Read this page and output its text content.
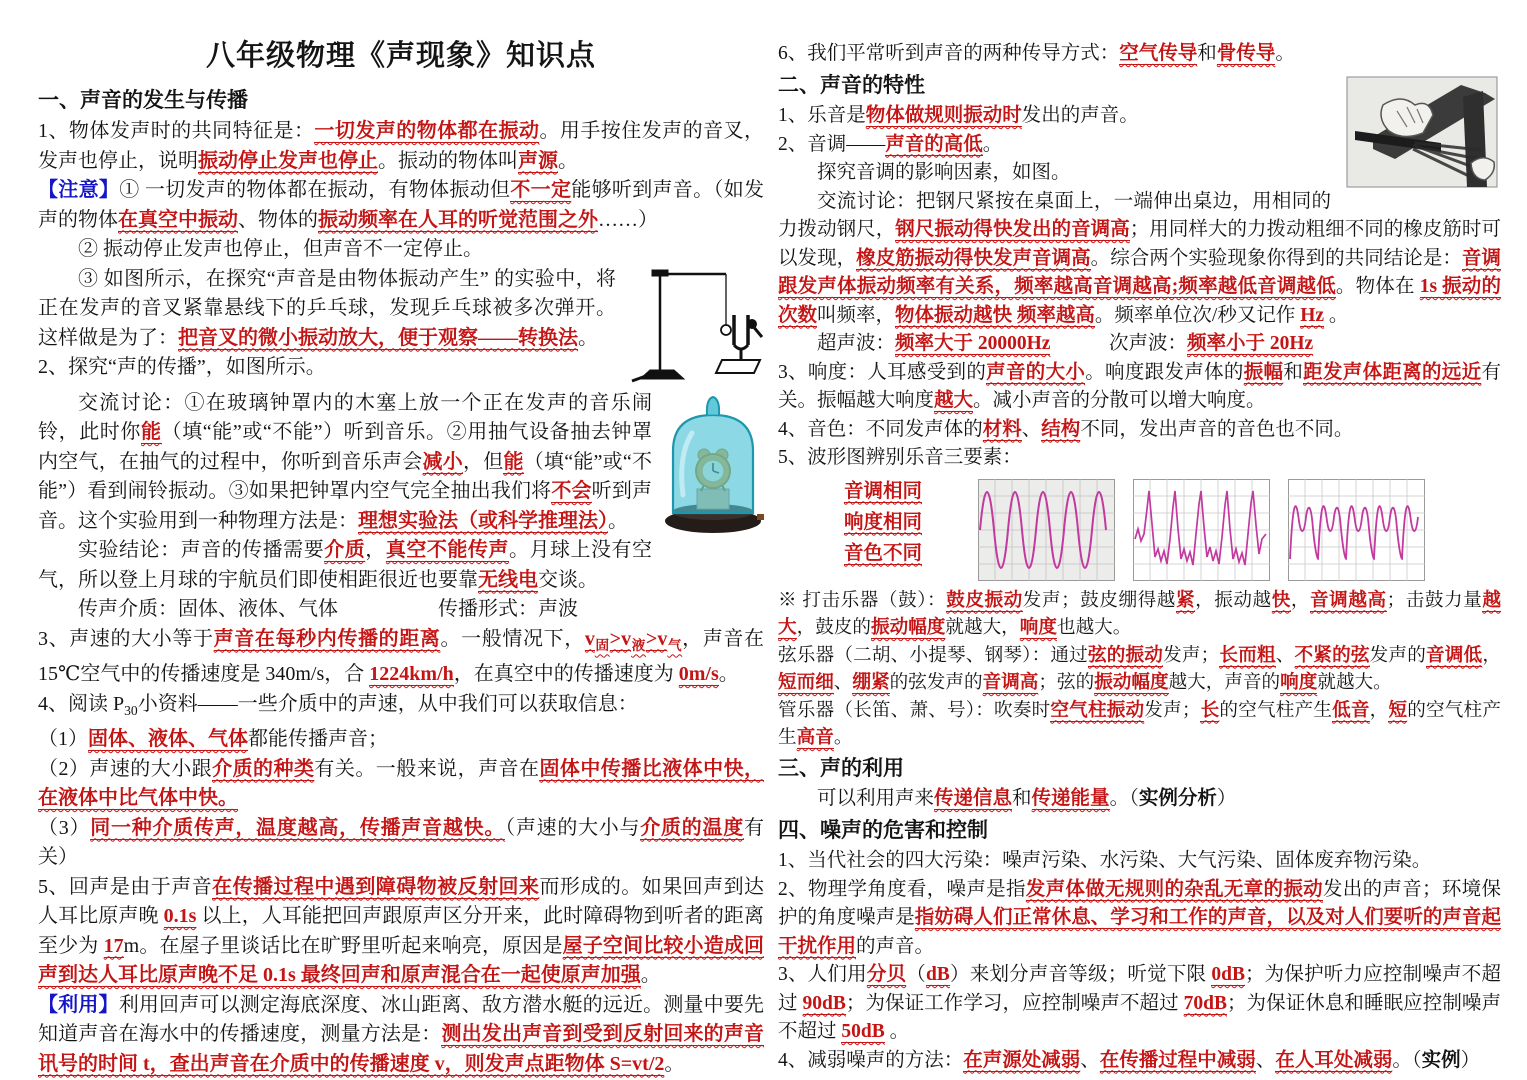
八年级物理《声现象》知识点
一、声音的发生与传播

1、物体发声时的共同特征是：一切发声的物体都在振动。用手按住发声的音叉，发声也停止，说明振动停止发声也停止。振动的物体叫声源。

【注意】① 一切发声的物体都在振动，有物体振动但不一定能够听到声音。（如发声的物体在真空中振动、物体的振动频率在人耳的听觉范围之外……）

② 振动停止发声也停止，但声音不一定停止。

③ 如图所示，在探究“声音是由物体振动产生” 的实验中，将正在发声的音叉紧靠悬线下的乒乓球，发现乒乓球被多次弹开。这样做是为了：把音叉的微小振动放大，便于观察——转换法。

2、探究“声的传播”，如图所示。

交流讨论：①在玻璃钟罩内的木塞上放一个正在发声的音乐闹铃，此时你能（填“能”或“不能”）听到音乐。②用抽气设备抽去钟罩内空气，在抽气的过程中，你听到音乐声会减小，但能（填“能”或“不能”）看到闹铃振动。③如果把钟罩内空气完全抽出我们将不会听到声音。这个实验用到一种物理方法是：理想实验法（或科学推理法）。

实验结论：声音的传播需要介质，真空不能传声。月球上没有空气，所以登上月球的宇航员们即使相距很近也要靠无线电交谈。

传声介质：固体、液体、气体　　　　　传播形式：声波

3、声速的大小等于声音在每秒内传播的距离。一般情况下，$v_固>v_液>v_气$，声音在 15℃空气中的传播速度是 340m/s，合 1224km/h，在真空中的传播速度为 0m/s。

4、阅读 $P_{30}$小资料——一些介质中的声速，从中我们可以获取信息：

（1）固体、液体、气体都能传播声音；

（2）声速的大小跟介质的种类有关。一般来说，声音在固体中传播比液体中快，在液体中比气体中快。

（3）同一种介质传声，温度越高，传播声音越快。（声速的大小与介质的温度有关）

5、回声是由于声音在传播过程中遇到障碍物被反射回来而形成的。如果回声到达人耳比原声晚 0.1s 以上，人耳能把回声跟原声区分开来，此时障碍物到听者的距离至少为 17m。在屋子里谈话比在旷野里听起来响亮，原因是屋子空间比较小造成回声到达人耳比原声晚不足 0.1s 最终回声和原声混合在一起使原声加强。

【利用】利用回声可以测定海底深度、冰山距离、敌方潜水艇的远近。测量中要先知道声音在海水中的传播速度，测量方法是：测出发出声音到受到反射回来的声音讯号的时间 t，查出声音在介质中的传播速度 v，则发声点距物体 S=vt/2。

6、我们平常听到声音的两种传导方式：空气传导和骨传导。

二、声音的特性

1、乐音是物体做规则振动时发出的声音。

2、音调——声音的高低。

探究音调的影响因素，如图。

交流讨论：把钢尺紧按在桌面上，一端伸出桌边，用相同的力拨动钢尺，钢尺振动得快发出的音调高；用同样大的力拨动粗细不同的橡皮筋时可以发现，橡皮筋振动得快发声音调高。综合两个实验现象你得到的共同结论是：音调跟发声体振动频率有关系，频率越高音调越高;频率越低音调越低。物体在 1s 振动的次数叫频率，物体振动越快 频率越高。频率单位次/秒又记作 Hz 。

超声波：频率大于 20000Hz　　　次声波：频率小于 20Hz

3、响度：人耳感受到的声音的大小。响度跟发声体的振幅和距发声体距离的远近有关。振幅越大响度越大。减小声音的分散可以增大响度。

4、音色：不同发声体的材料、结构不同，发出声音的音色也不同。

5、波形图辨别乐音三要素：

音调相同

响度相同

音色不同

※ 打击乐器（鼓）：鼓皮振动发声；鼓皮绷得越紧，振动越快，音调越高；击鼓力量越大，鼓皮的振动幅度就越大，响度也越大。

弦乐器（二胡、小提琴、钢琴）：通过弦的振动发声；长而粗、不紧的弦发声的音调低，短而细、绷紧的弦发声的音调高；弦的振动幅度越大，声音的响度就越大。

管乐器（长笛、萧、号）：吹奏时空气柱振动发声；长的空气柱产生低音，短的空气柱产生高音。

三、声的利用

可以利用声来传递信息和传递能量。（实例分析）

四、噪声的危害和控制

1、当代社会的四大污染：噪声污染、水污染、大气污染、固体废弃物污染。

2、物理学角度看，噪声是指发声体做无规则的杂乱无章的振动发出的声音；环境保护的角度噪声是指妨碍人们正常休息、学习和工作的声音，以及对人们要听的声音起干扰作用的声音。

3、人们用分贝（dB）来划分声音等级；听觉下限 0dB；为保护听力应控制噪声不超过 90dB；为保证工作学习，应控制噪声不超过 70dB；为保证休息和睡眠应控制噪声不超过 50dB 。

4、减弱噪声的方法：在声源处减弱、在传播过程中减弱、在人耳处减弱。（实例）
